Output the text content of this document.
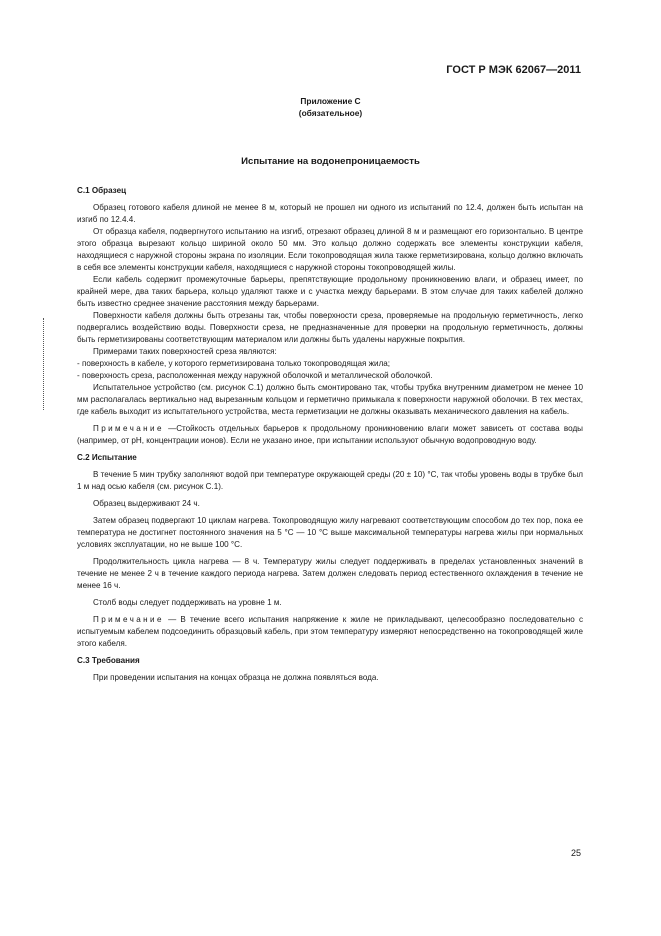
ГОСТ Р МЭК 62067—2011
Приложение С
(обязательное)
Испытание на водонепроницаемость
С.1 Образец

Образец готового кабеля длиной не менее 8 м, который не прошел ни одного из испытаний по 12.4, должен быть испытан на изгиб по 12.4.4.

От образца кабеля, подвергнутого испытанию на изгиб, отрезают образец длиной 8 м и размещают его горизонтально. В центре этого образца вырезают кольцо шириной около 50 мм. Это кольцо должно содержать все элементы конструкции кабеля, находящиеся с наружной стороны экрана по изоляции. Если токопроводящая жила также герметизирована, кольцо должно включать в себя все элементы конструкции кабеля, находящиеся с наружной стороны токопроводящей жилы.

Если кабель содержит промежуточные барьеры, препятствующие продольному проникновению влаги, и образец имеет, по крайней мере, два таких барьера, кольцо удаляют также и с участка между барьерами. В этом случае для таких кабелей должно быть известно среднее значение расстояния между барьерами.

Поверхности кабеля должны быть отрезаны так, чтобы поверхности среза, проверяемые на продольную герметичность, легко подвергались воздействию воды. Поверхности среза, не предназначенные для проверки на продольную герметичность, должны быть герметизированы соответствующим материалом или должны быть удалены наружные покрытия.

Примерами таких поверхностей среза являются:

- поверхность в кабеле, у которого герметизирована только токопроводящая жила;

- поверхность среза, расположенная между наружной оболочкой и металлической оболочкой.

Испытательное устройство (см. рисунок С.1) должно быть смонтировано так, чтобы трубка внутренним диаметром не менее 10 мм располагалась вертикально над вырезанным кольцом и герметично примыкала к поверхности наружной оболочки. В тех местах, где кабель выходит из испытательного устройства, места герметизации не должны оказывать механического давления на кабель.

Примечание —Стойкость отдельных барьеров к продольному проникновению влаги может зависеть от состава воды (например, от pH, концентрации ионов). Если не указано иное, при испытании используют обычную водопроводную воду.

С.2 Испытание

В течение 5 мин трубку заполняют водой при температуре окружающей среды (20 ± 10) °С, так чтобы уровень воды в трубке был 1 м над осью кабеля (см. рисунок С.1).

Образец выдерживают 24 ч.

Затем образец подвергают 10 циклам нагрева. Токопроводящую жилу нагревают соответствующим способом до тех пор, пока ее температура не достигнет постоянного значения на 5 °С — 10 °С выше максимальной температуры нагрева жилы при нормальных условиях эксплуатации, но не выше 100 °С.

Продолжительность цикла нагрева — 8 ч. Температуру жилы следует поддерживать в пределах установленных значений в течение не менее 2 ч в течение каждого периода нагрева. Затем должен следовать период естественного охлаждения в течение не менее 16 ч.

Столб воды следует поддерживать на уровне 1 м.

Примечание — В течение всего испытания напряжение к жиле не прикладывают, целесообразно последовательно с испытуемым кабелем подсоединить образцовый кабель, при этом температуру измеряют непосредственно на токопроводящей жиле этого кабеля.

С.3 Требования

При проведении испытания на концах образца не должна появляться вода.

25
